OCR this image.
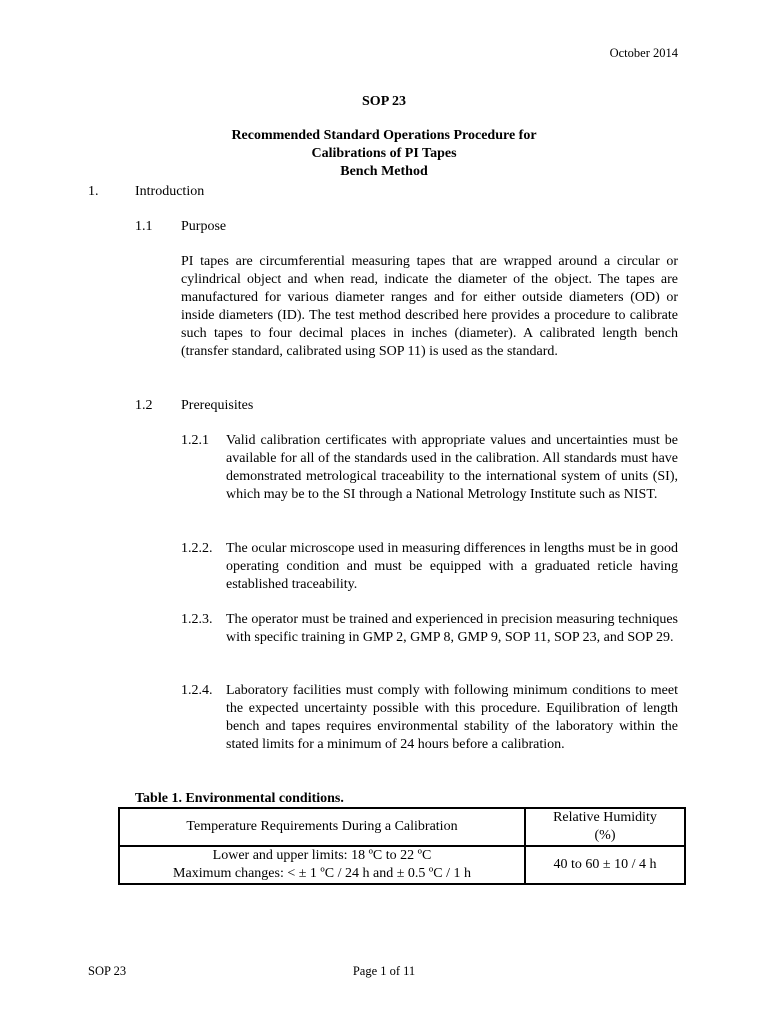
October 2014
SOP 23
Recommended Standard Operations Procedure for
Calibrations of PI Tapes
Bench Method
1.	Introduction
1.1 Purpose

PI tapes are circumferential measuring tapes that are wrapped around a circular or cylindrical object and when read, indicate the diameter of the object. The tapes are manufactured for various diameter ranges and for either outside diameters (OD) or inside diameters (ID). The test method described here provides a procedure to calibrate such tapes to four decimal places in inches (diameter). A calibrated length bench (transfer standard, calibrated using SOP 11) is used as the standard.

1.2 Prerequisites
1.2.1 Valid calibration certificates with appropriate values and uncertainties must be available for all of the standards used in the calibration. All standards must have demonstrated metrological traceability to the international system of units (SI), which may be to the SI through a National Metrology Institute such as NIST.

1.2.2. The ocular microscope used in measuring differences in lengths must be in good operating condition and must be equipped with a graduated reticle having established traceability.

1.2.3. The operator must be trained and experienced in precision measuring techniques with specific training in GMP 2, GMP 8, GMP 9, SOP 11, SOP 23, and SOP 29.

1.2.4. Laboratory facilities must comply with following minimum conditions to meet the expected uncertainty possible with this procedure. Equilibration of length bench and tapes requires environmental stability of the laboratory within the stated limits for a minimum of 24 hours before a calibration.

Table 1. Environmental conditions.
Temperature Requirements During a Calibration	Relative Humidity
(%)

Lower and upper limits: 18 ºC to 22 ºC
Maximum changes: < ± 1 ºC / 24 h and ± 0.5 ºC / 1 h	40 to 60 ± 10 / 4 h
SOP 23	Page 1 of 11
